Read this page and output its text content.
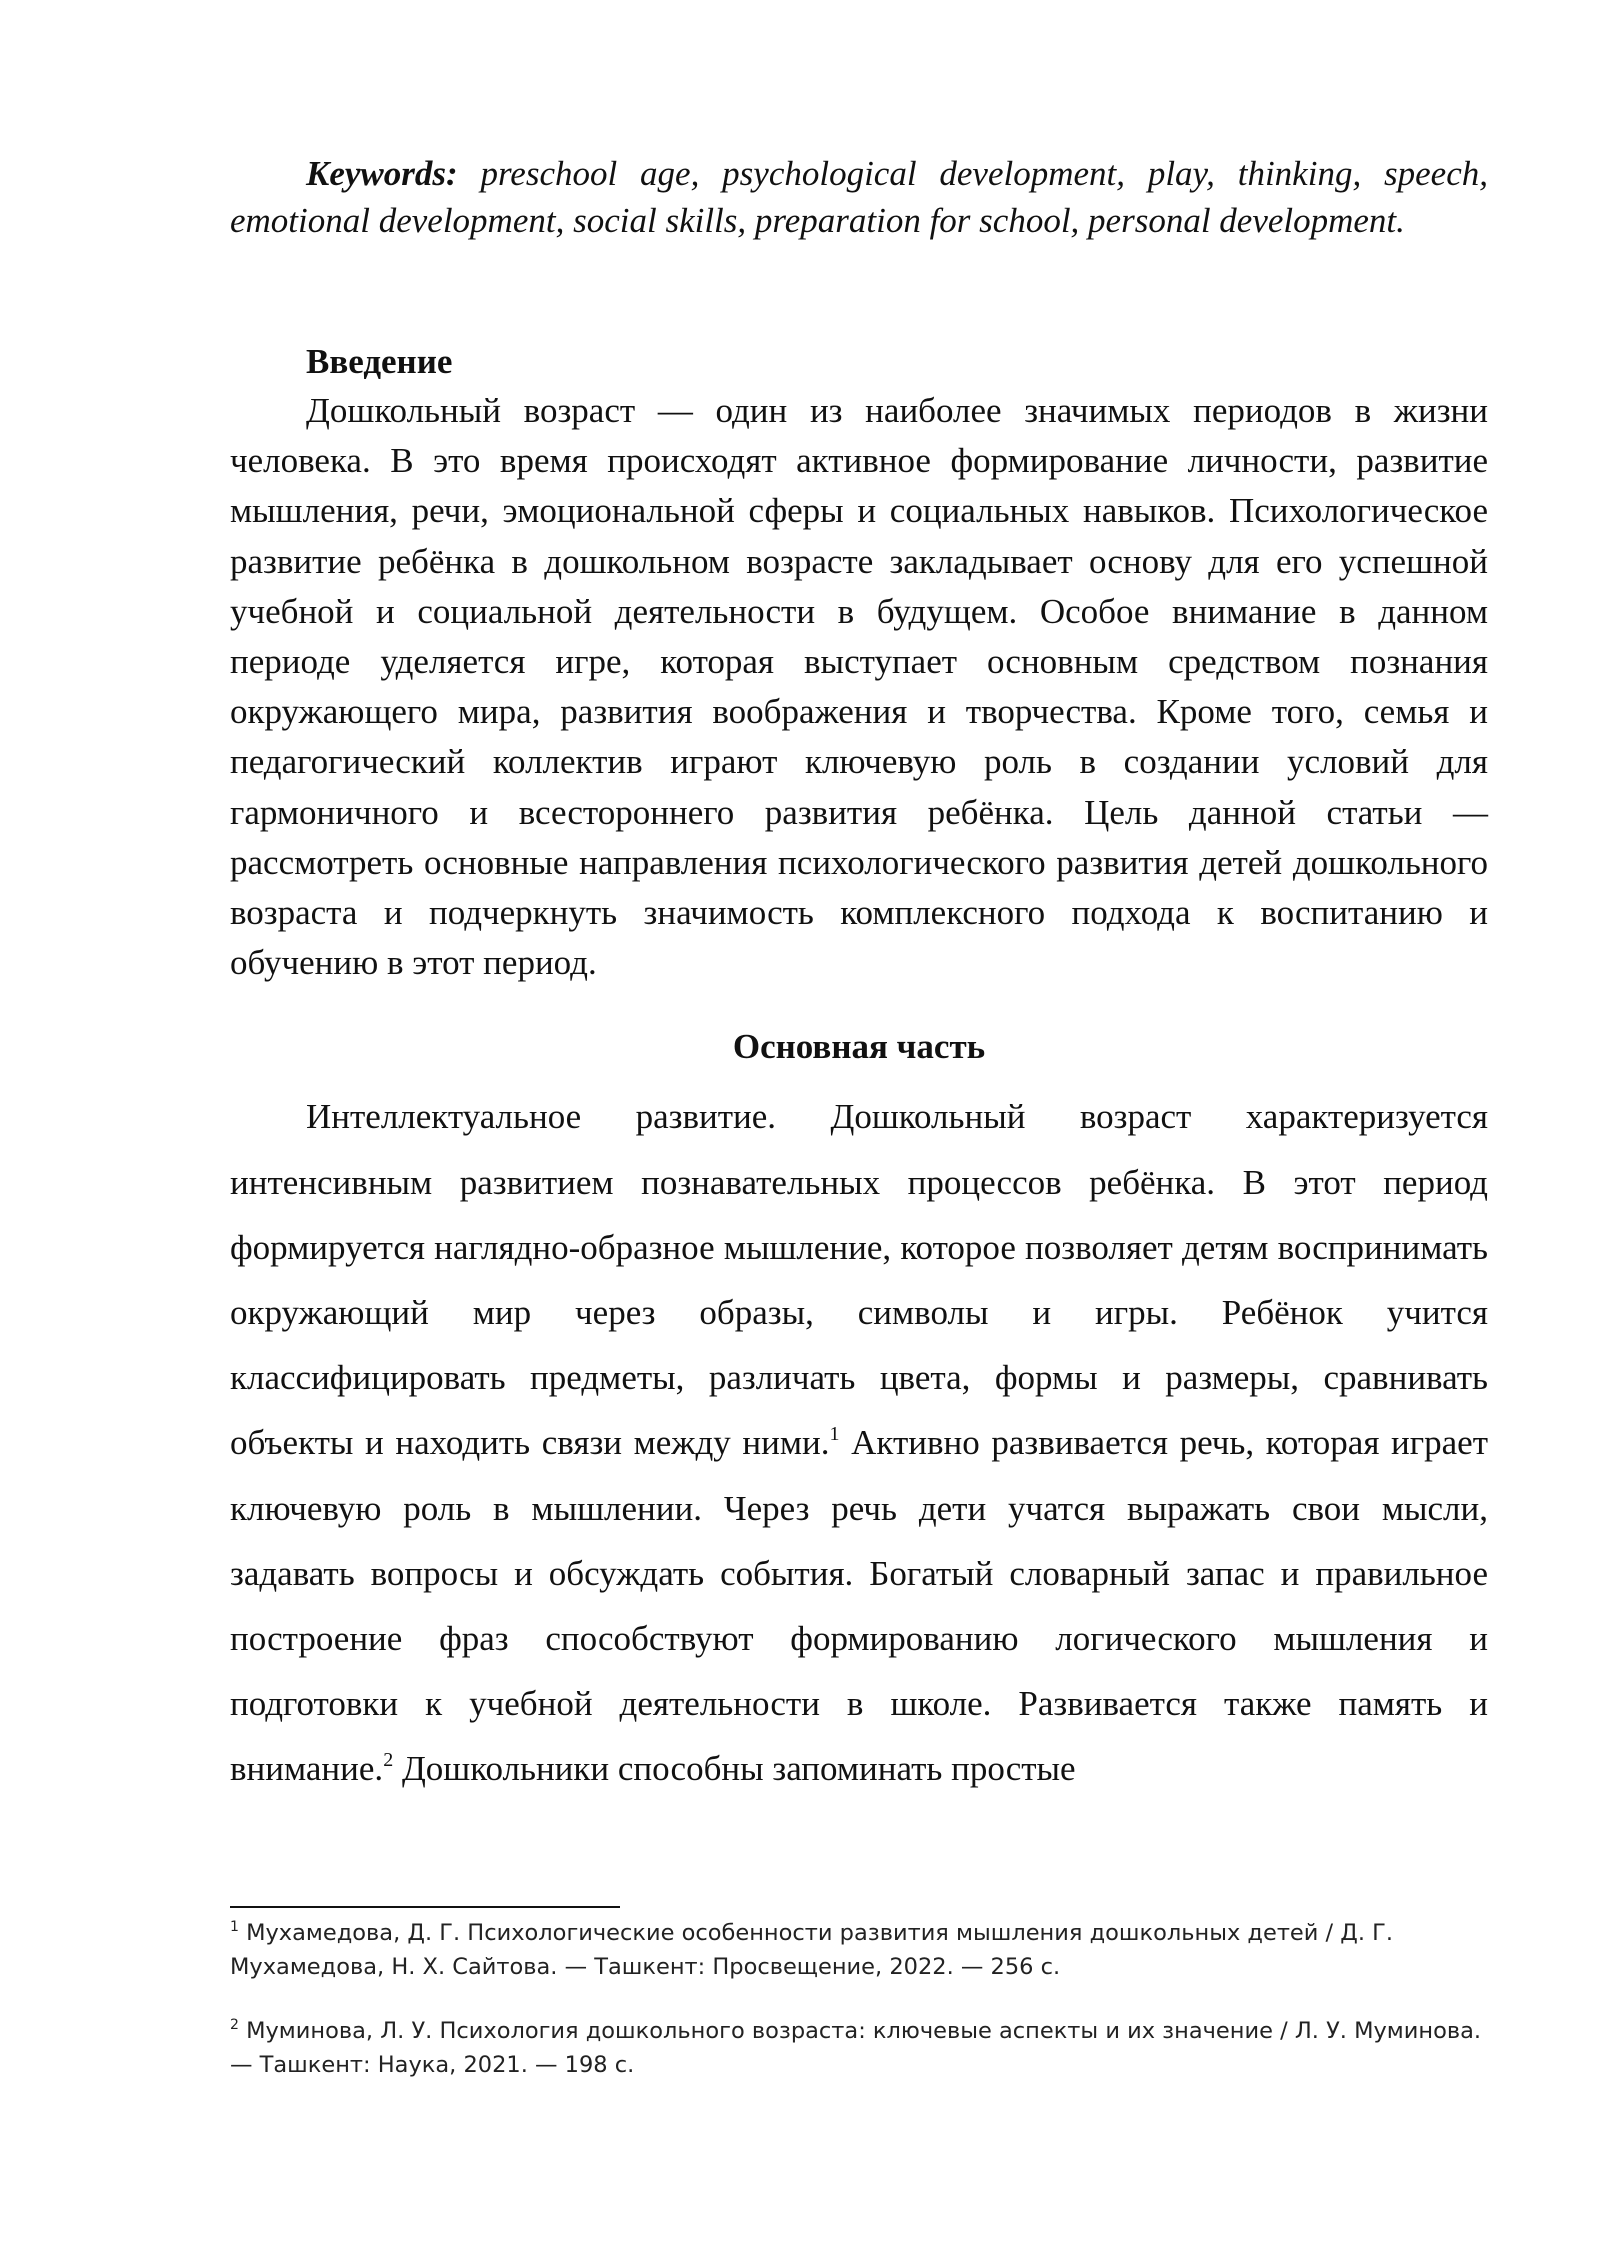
Keywords: preschool age, psychological development, play, thinking, speech, emotional development, social skills, preparation for school, personal development.

Введение

Дошкольный возраст — один из наиболее значимых периодов в жизни человека. В это время происходят активное формирование личности, развитие мышления, речи, эмоциональной сферы и социальных навыков. Психологическое развитие ребёнка в дошкольном возрасте закладывает основу для его успешной учебной и социальной деятельности в будущем. Особое внимание в данном периоде уделяется игре, которая выступает основным средством познания окружающего мира, развития воображения и творчества. Кроме того, семья и педагогический коллектив играют ключевую роль в создании условий для гармоничного и всестороннего развития ребёнка. Цель данной статьи — рассмотреть основные направления психологического развития детей дошкольного возраста и подчеркнуть значимость комплексного подхода к воспитанию и обучению в этот период.

Основная часть

Интеллектуальное развитие. Дошкольный возраст характеризуется интенсивным развитием познавательных процессов ребёнка. В этот период формируется наглядно-образное мышление, которое позволяет детям воспринимать окружающий мир через образы, символы и игры. Ребёнок учится классифицировать предметы, различать цвета, формы и размеры, сравнивать объекты и находить связи между ними.$^1$ Активно развивается речь, которая играет ключевую роль в мышлении. Через речь дети учатся выражать свои мысли, задавать вопросы и обсуждать события. Богатый словарный запас и правильное построение фраз способствуют формированию логического мышления и подготовки к учебной деятельности в школе. Развивается также память и внимание.$^2$ Дошкольники способны запоминать простые

$^1$ Мухамедова, Д. Г. Психологические особенности развития мышления дошкольных детей / Д. Г. Мухамедова, Н. Х. Сайтова. — Ташкент: Просвещение, 2022. — 256 с.

$^2$ Муминова, Л. У. Психология дошкольного возраста: ключевые аспекты и их значение / Л. У. Муминова. — Ташкент: Наука, 2021. — 198 с.
